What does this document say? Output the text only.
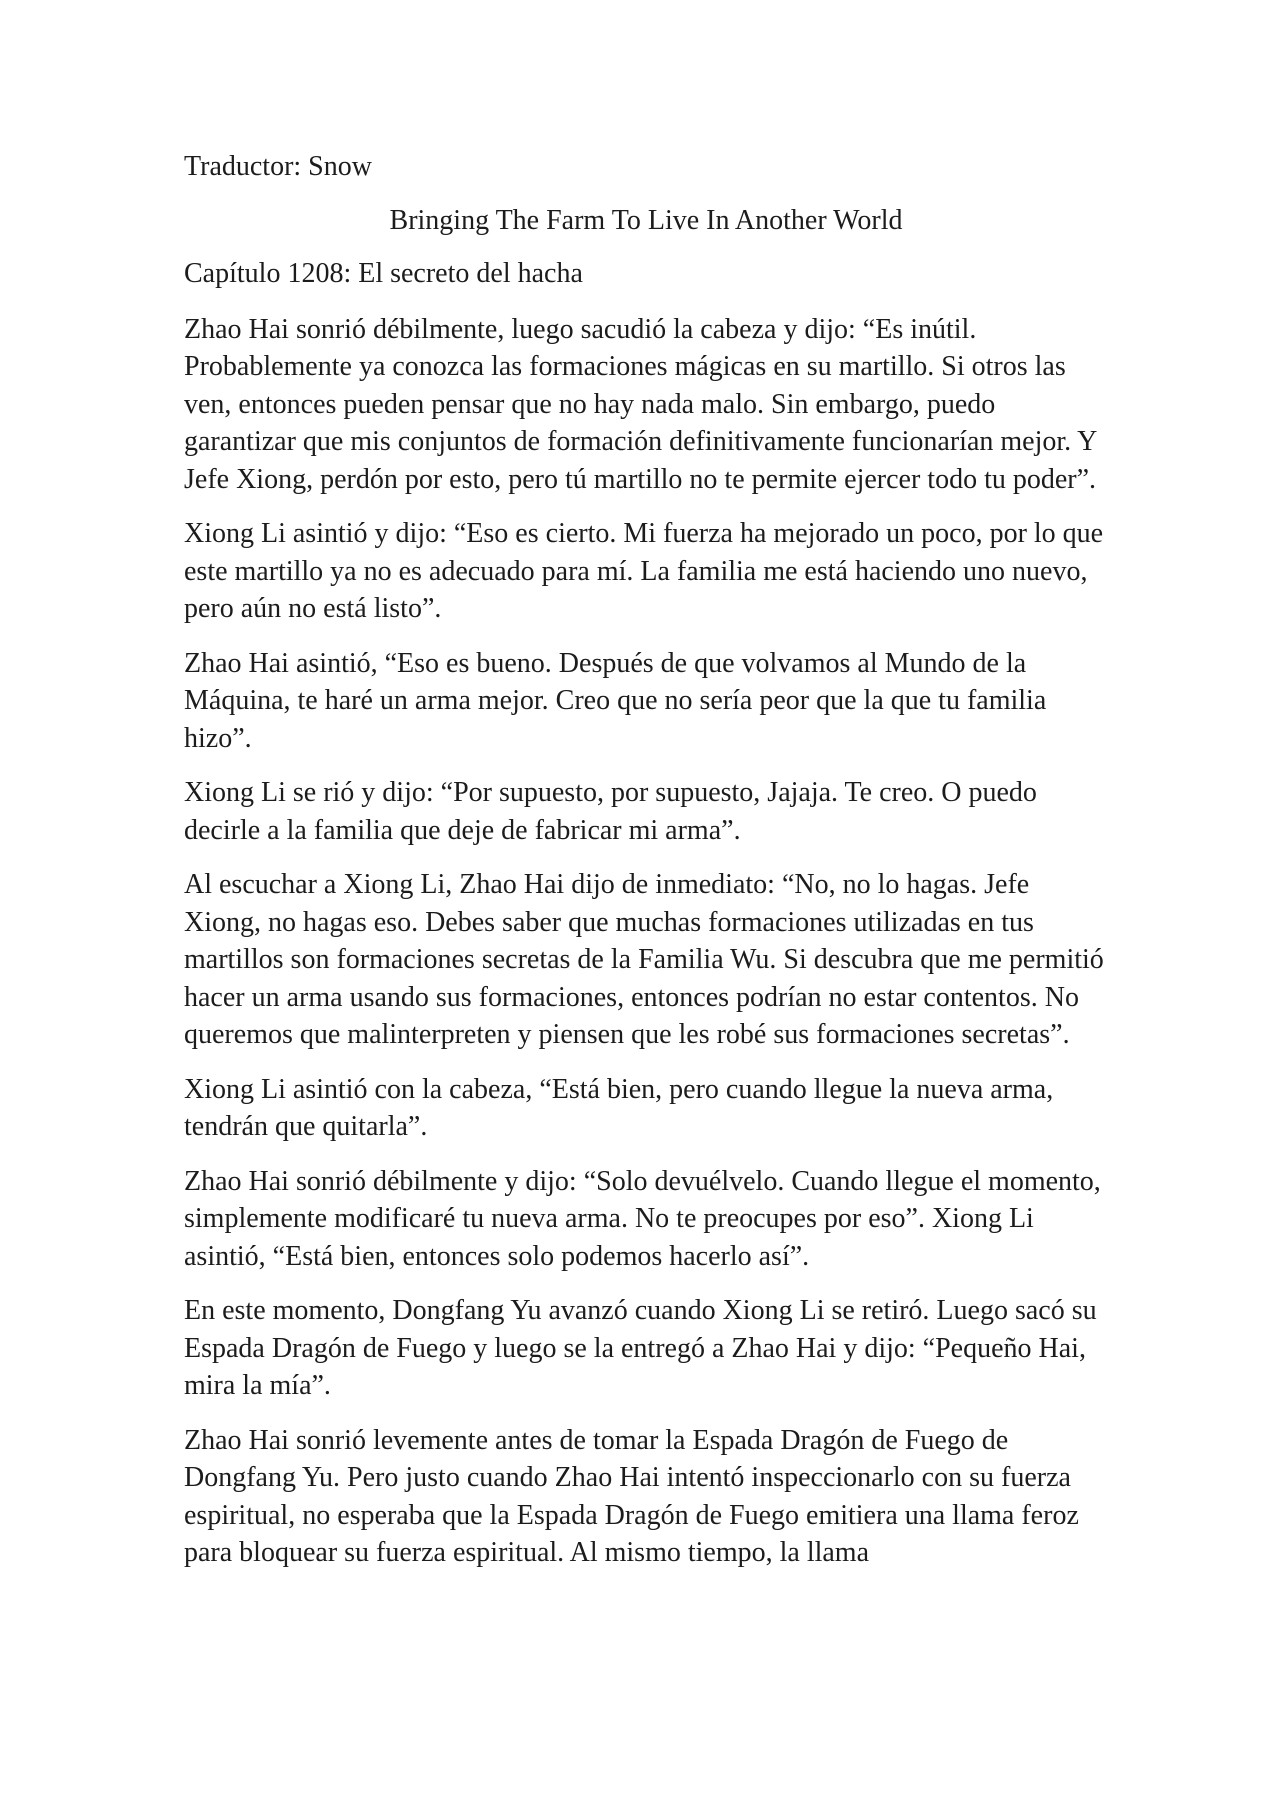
Traductor: Snow
Bringing The Farm To Live In Another World
Capítulo 1208: El secreto del hacha

Zhao Hai sonrió débilmente, luego sacudió la cabeza y dijo: “Es inútil. Probablemente ya conozca las formaciones mágicas en su martillo. Si otros las ven, entonces pueden pensar que no hay nada malo. Sin embargo, puedo garantizar que mis conjuntos de formación definitivamente funcionarían mejor. Y Jefe Xiong, perdón por esto, pero tú martillo no te permite ejercer todo tu poder”.

Xiong Li asintió y dijo: “Eso es cierto. Mi fuerza ha mejorado un poco, por lo que este martillo ya no es adecuado para mí. La familia me está haciendo uno nuevo, pero aún no está listo”.

Zhao Hai asintió, “Eso es bueno. Después de que volvamos al Mundo de la Máquina, te haré un arma mejor. Creo que no sería peor que la que tu familia hizo”.

Xiong Li se rió y dijo: “Por supuesto, por supuesto, Jajaja. Te creo. O puedo decirle a la familia que deje de fabricar mi arma”.

Al escuchar a Xiong Li, Zhao Hai dijo de inmediato: “No, no lo hagas. Jefe Xiong, no hagas eso. Debes saber que muchas formaciones utilizadas en tus martillos son formaciones secretas de la Familia Wu. Si descubra que me permitió hacer un arma usando sus formaciones, entonces podrían no estar contentos. No queremos que malinterpreten y piensen que les robé sus formaciones secretas”.

Xiong Li asintió con la cabeza, “Está bien, pero cuando llegue la nueva arma, tendrán que quitarla”.

Zhao Hai sonrió débilmente y dijo: “Solo devuélvelo. Cuando llegue el momento, simplemente modificaré tu nueva arma. No te preocupes por eso”. Xiong Li asintió, “Está bien, entonces solo podemos hacerlo así”.

En este momento, Dongfang Yu avanzó cuando Xiong Li se retiró. Luego sacó su Espada Dragón de Fuego y luego se la entregó a Zhao Hai y dijo: “Pequeño Hai, mira la mía”.

Zhao Hai sonrió levemente antes de tomar la Espada Dragón de Fuego de Dongfang Yu. Pero justo cuando Zhao Hai intentó inspeccionarlo con su fuerza espiritual, no esperaba que la Espada Dragón de Fuego emitiera una llama feroz para bloquear su fuerza espiritual. Al mismo tiempo, la llama
